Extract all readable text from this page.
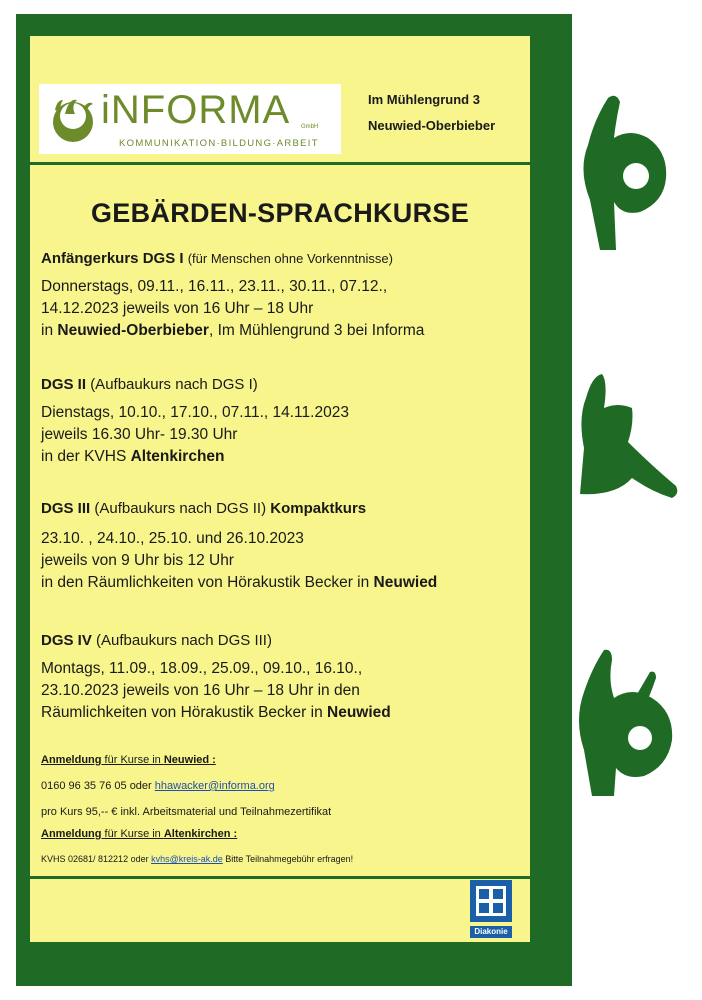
iNFORMA GmbH
KOMMUNIKATION·BILDUNG·ARBEIT
Im Mühlengrund 3
Neuwied-Oberbieber
GEBÄRDEN-SPRACHKURSE
Anfängerkurs DGS I (für Menschen ohne Vorkenntnisse)
Donnerstags, 09.11., 16.11., 23.11., 30.11., 07.12.,
14.12.2023 jeweils von 16 Uhr – 18 Uhr
in Neuwied-Oberbieber, Im Mühlengrund 3 bei Informa
DGS II (Aufbaukurs nach DGS I)
Dienstags, 10.10., 17.10., 07.11., 14.11.2023
jeweils 16.30 Uhr- 19.30 Uhr
in der KVHS Altenkirchen
DGS III (Aufbaukurs nach DGS II) Kompaktkurs
23.10. , 24.10., 25.10. und 26.10.2023
jeweils von 9 Uhr bis 12 Uhr
in den Räumlichkeiten von Hörakustik Becker in Neuwied
DGS IV (Aufbaukurs nach DGS III)
Montags, 11.09., 18.09., 25.09., 09.10., 16.10.,
23.10.2023 jeweils von 16 Uhr – 18 Uhr in den
Räumlichkeiten von Hörakustik Becker in Neuwied
Anmeldung für Kurse in Neuwied :
0160 96 35 76 05 oder hhawacker@informa.org
pro Kurs 95,-- € inkl. Arbeitsmaterial und Teilnahmezertifikat
Anmeldung für Kurse in Altenkirchen :
KVHS 02681/ 812212 oder kvhs@kreis-ak.de Bitte Teilnahmegebühr erfragen!
Diakonie
